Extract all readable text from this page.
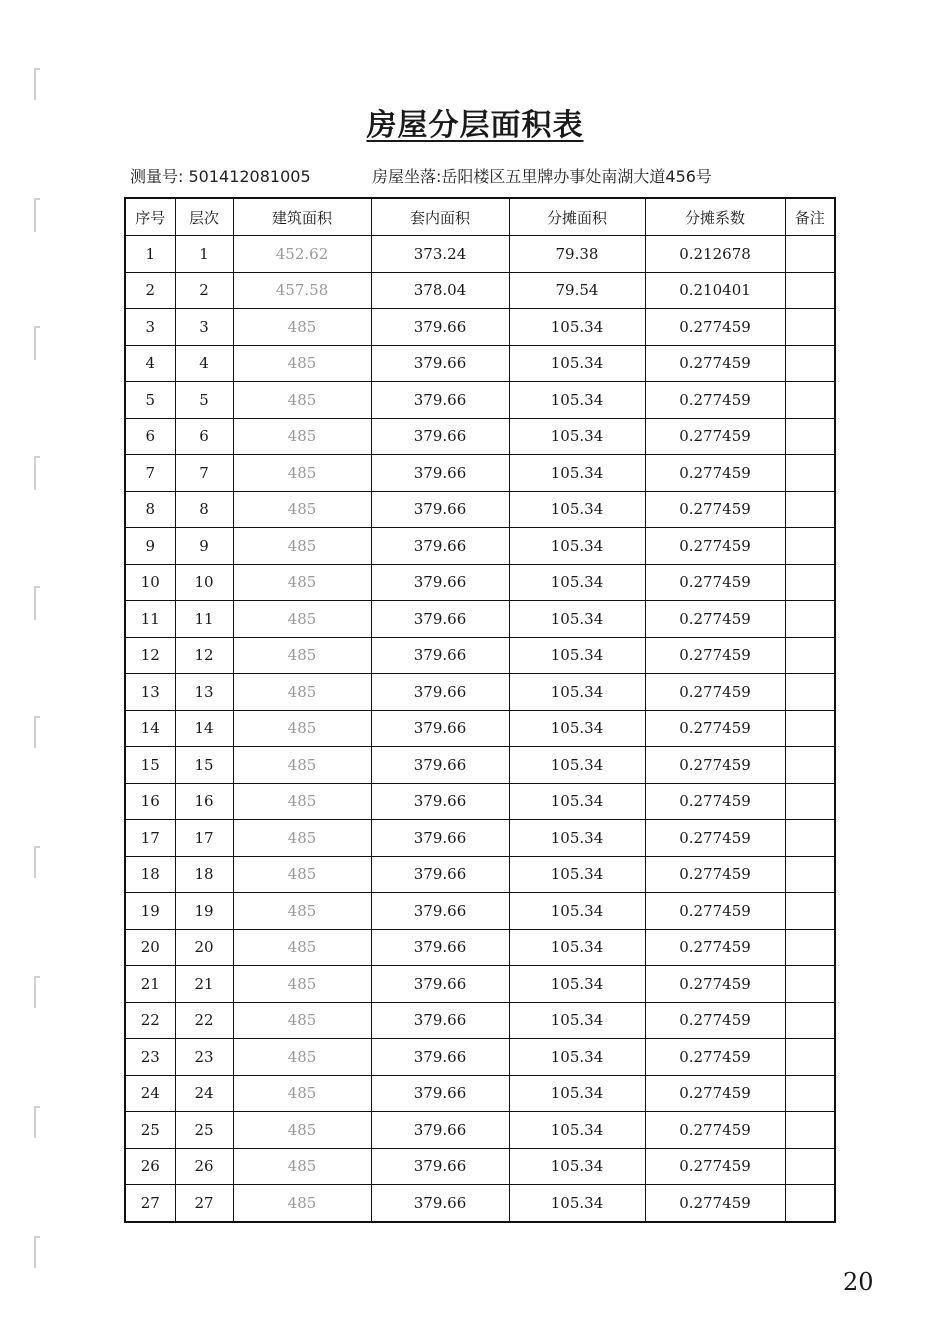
房屋分层面积表
测量号: 501412081005	房屋坐落:岳阳楼区五里牌办事处南湖大道456号
序号	层次	建筑面积	套内面积	分摊面积	分摊系数	备注
1	1	452.62	373.24	79.38	0.212678	
2	2	457.58	378.04	79.54	0.210401	
3	3	485	379.66	105.34	0.277459	
4	4	485	379.66	105.34	0.277459	
5	5	485	379.66	105.34	0.277459	
6	6	485	379.66	105.34	0.277459	
7	7	485	379.66	105.34	0.277459	
8	8	485	379.66	105.34	0.277459	
9	9	485	379.66	105.34	0.277459	
10	10	485	379.66	105.34	0.277459	
11	11	485	379.66	105.34	0.277459	
12	12	485	379.66	105.34	0.277459	
13	13	485	379.66	105.34	0.277459	
14	14	485	379.66	105.34	0.277459	
15	15	485	379.66	105.34	0.277459	
16	16	485	379.66	105.34	0.277459	
17	17	485	379.66	105.34	0.277459	
18	18	485	379.66	105.34	0.277459	
19	19	485	379.66	105.34	0.277459	
20	20	485	379.66	105.34	0.277459	
21	21	485	379.66	105.34	0.277459	
22	22	485	379.66	105.34	0.277459	
23	23	485	379.66	105.34	0.277459	
24	24	485	379.66	105.34	0.277459	
25	25	485	379.66	105.34	0.277459	
26	26	485	379.66	105.34	0.277459	
27	27	485	379.66	105.34	0.277459	
20
